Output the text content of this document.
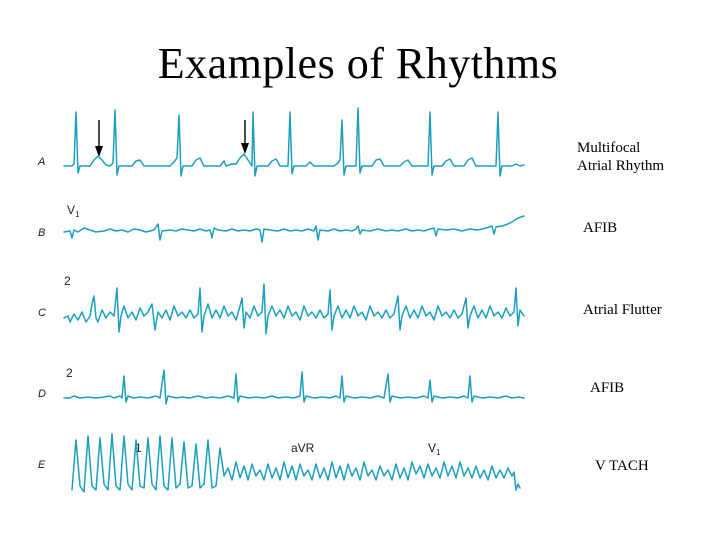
Examples of Rhythms
A
B
C
D
E
$V_1$
2
2
1	aVR	$V_1$
Multifocal
Atrial Rhythm
AFIB
Atrial Flutter
AFIB
V TACH
